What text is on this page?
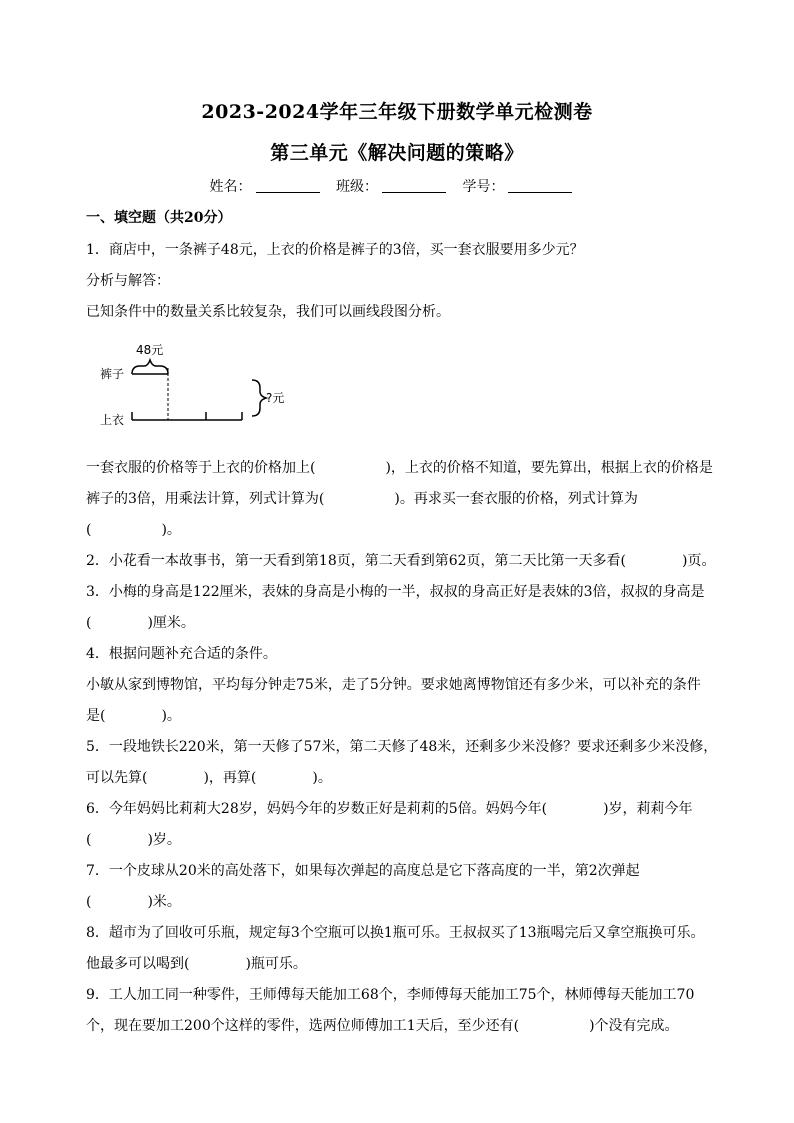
2023-2024学年三年级下册数学单元检测卷
第三单元《解决问题的策略》
姓名：	班级：	学号：
一、填空题（共20分）
1．商店中，一条裤子48元，上衣的价格是裤子的3倍，买一套衣服要用多少元？
分析与解答：
已知条件中的数量关系比较复杂，我们可以画线段图分析。
48元
裤子
上衣
?元
一套衣服的价格等于上衣的价格加上(　　　　　)，上衣的价格不知道，要先算出，根据上衣的价格是
裤子的3倍，用乘法计算，列式计算为(　　　　　)。再求买一套衣服的价格，列式计算为
(　　　　　)。
2．小花看一本故事书，第一天看到第18页，第二天看到第62页，第二天比第一天多看(　　　　)页。
3．小梅的身高是122厘米，表妹的身高是小梅的一半，叔叔的身高正好是表妹的3倍，叔叔的身高是
(　　　　)厘米。
4．根据问题补充合适的条件。
小敏从家到博物馆，平均每分钟走75米，走了5分钟。要求她离博物馆还有多少米，可以补充的条件
是(　　　　)。
5．一段地铁长220米，第一天修了57米，第二天修了48米，还剩多少米没修？要求还剩多少米没修，
可以先算(　　　　)，再算(　　　　)。
6．今年妈妈比莉莉大28岁，妈妈今年的岁数正好是莉莉的5倍。妈妈今年(　　　　)岁，莉莉今年
(　　　　)岁。
7．一个皮球从20米的高处落下，如果每次弹起的高度总是它下落高度的一半，第2次弹起
(　　　　)米。
8．超市为了回收可乐瓶，规定每3个空瓶可以换1瓶可乐。王叔叔买了13瓶喝完后又拿空瓶换可乐。
他最多可以喝到(　　　　)瓶可乐。
9．工人加工同一种零件，王师傅每天能加工68个，李师傅每天能加工75个，林师傅每天能加工70
个，现在要加工200个这样的零件，选两位师傅加工1天后，至少还有(　　　　　)个没有完成。
